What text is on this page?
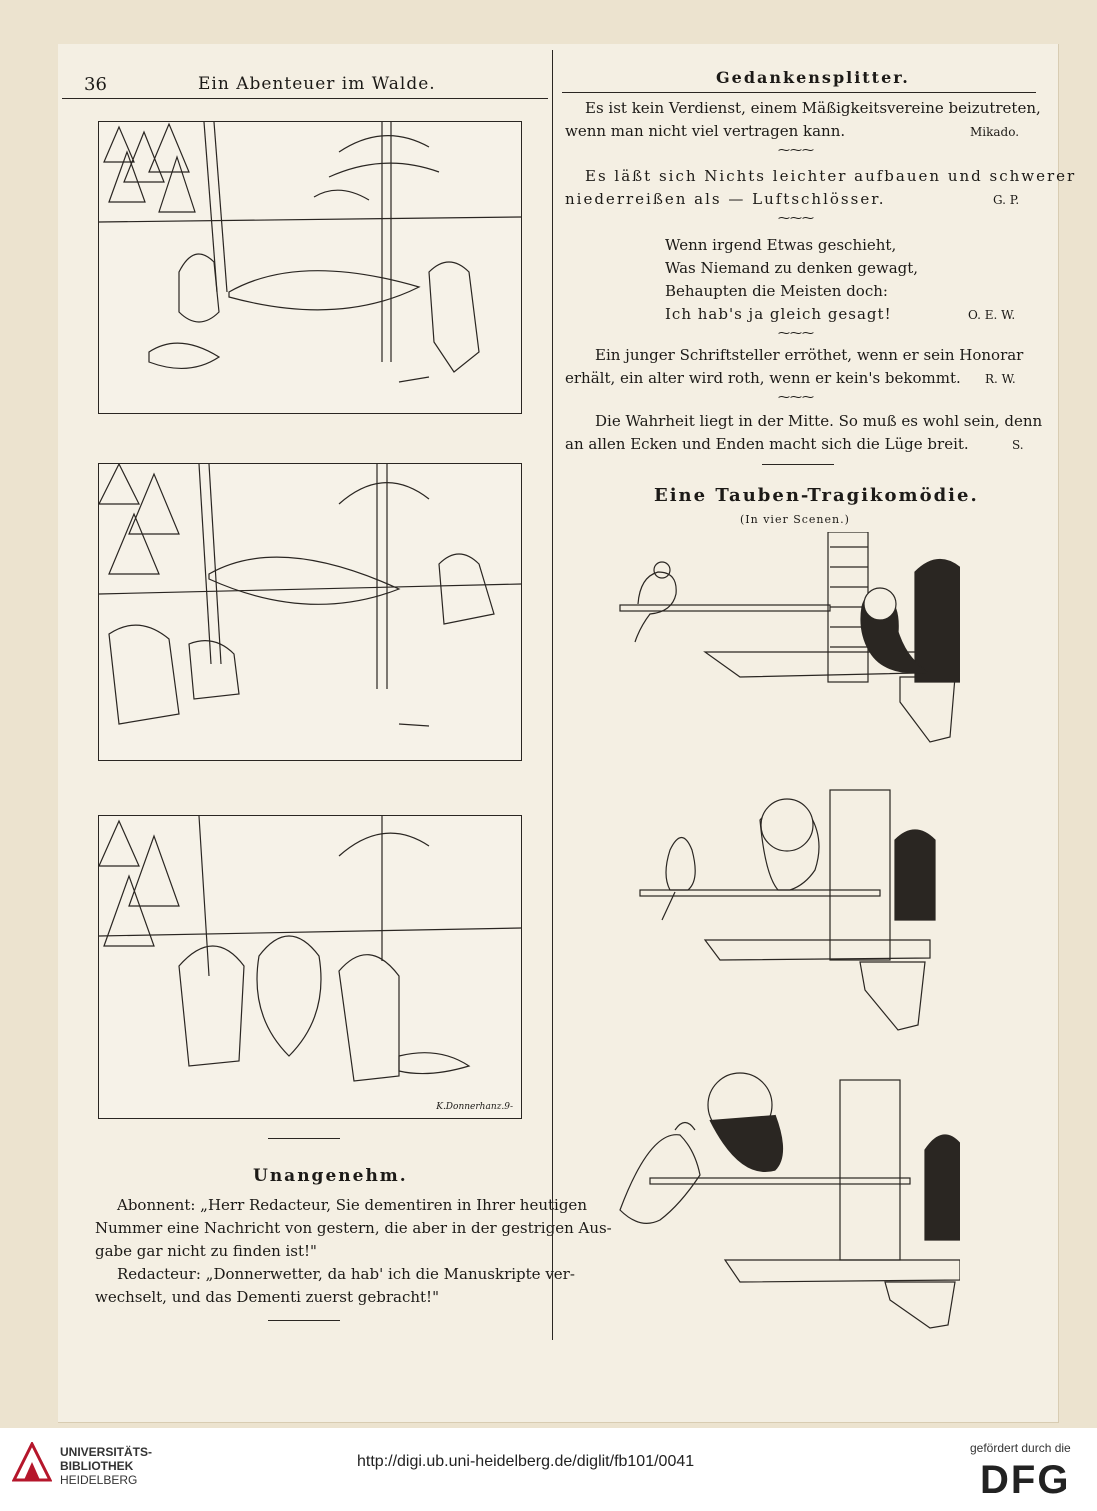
36	Ein Abenteuer im Walde.
K.Donnerhanz.9-
Unangenehm.
Abonnent: „Herr Redacteur, Sie dementiren in Ihrer heutigen
Nummer eine Nachricht von gestern, die aber in der gestrigen Aus-
gabe gar nicht zu finden ist!"
Redacteur: „Donnerwetter, da hab' ich die Manuskripte ver-
wechselt, und das Dementi zuerst gebracht!"
Gedankensplitter.
Es ist kein Verdienst, einem Mäßigkeitsvereine beizutreten,
wenn man nicht viel vertragen kann.	Mikado.
⁓⁓⁓
Es läßt sich Nichts leichter aufbauen und schwerer
niederreißen als — Luftschlösser.	G. P.
⁓⁓⁓
Wenn irgend Etwas geschieht,
Was Niemand zu denken gewagt,
Behaupten die Meisten doch:
Ich hab's ja gleich gesagt!	O. E. W.
⁓⁓⁓
Ein junger Schriftsteller erröthet, wenn er sein Honorar
erhält, ein alter wird roth, wenn er kein's bekommt. R. W.
⁓⁓⁓
Die Wahrheit liegt in der Mitte. So muß es wohl sein, denn
an allen Ecken und Enden macht sich die Lüge breit.	S.
Eine Tauben-Tragikomödie.
(In vier Scenen.)
UNIVERSITÄTS-
BIBLIOTHEK
HEIDELBERG
http://digi.ub.uni-heidelberg.de/diglit/fb101/0041
gefördert durch die
DFG
